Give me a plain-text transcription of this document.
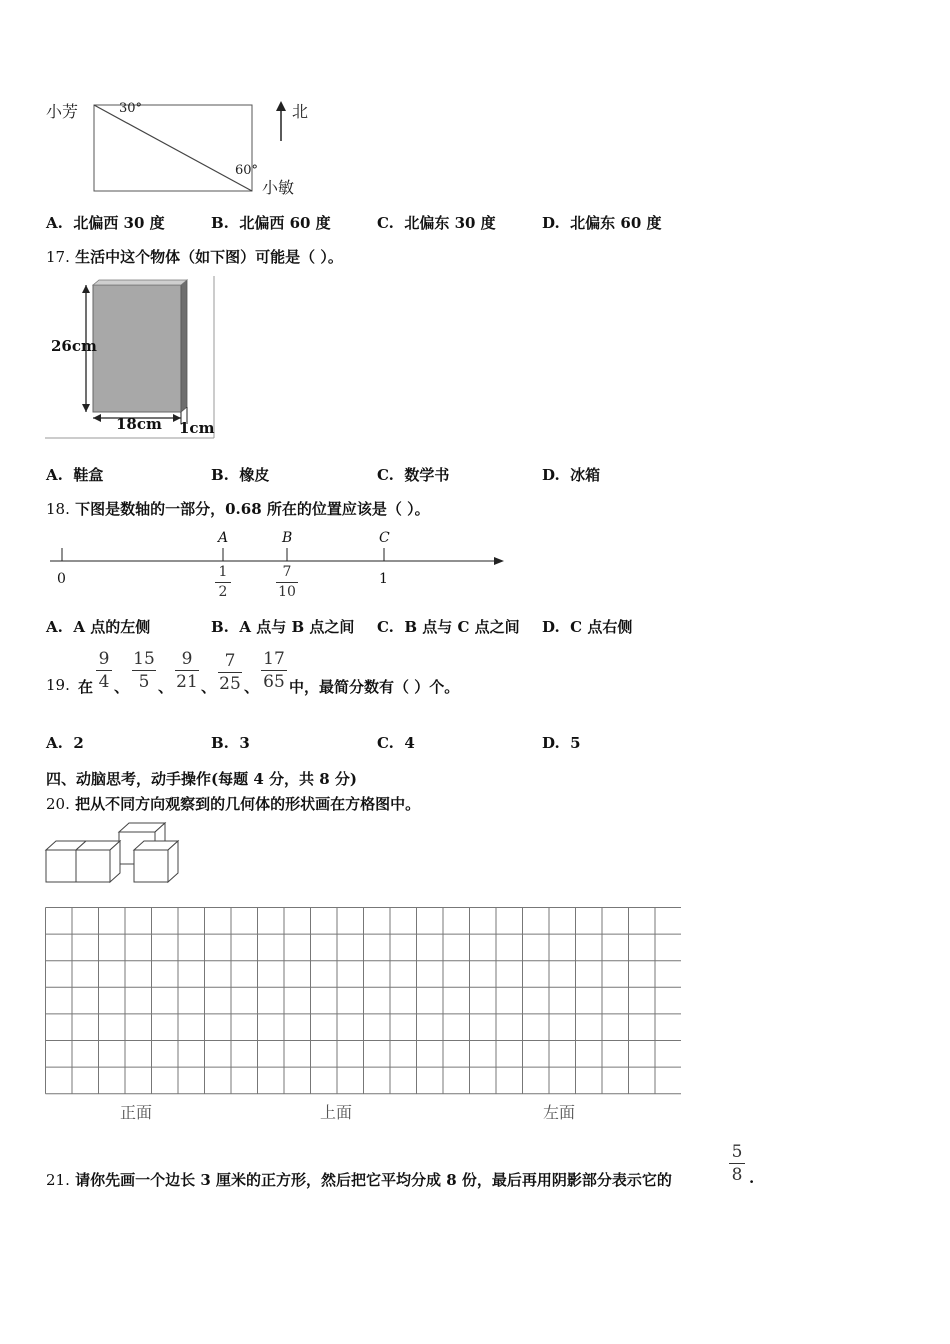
小芳	30°
60°
小敏
北
A. 北偏西 30 度	B. 北偏西 60 度	C. 北偏东 30 度	D. 北偏东 60 度
17. 生活中这个物体（如下图）可能是（ ）。
26cm
18cm 1cm
A. 鞋盒	B. 橡皮	C. 数学书	D. 冰箱
18. 下图是数轴的一部分，0.68 所在的位置应该是（ ）。
A	B	C
0	1
1
2
7
10
A. A 点的左侧	B. A 点与 B 点之间 C. B 点与 C 点之间 D. C 点右侧
19. 在
9
4 、
15
5 、
9
21 、
7
25 、
17
65 中，最简分数有（ ）个。
A. 2	B. 3	C. 4	D. 5
四、动脑思考，动手操作(每题 4 分，共 8 分)
20. 把从不同方向观察到的几何体的形状画在方格图中。
正面	上面	左面
21. 请你先画一个边长 3 厘米的正方形，然后把它平均分成 8 份，最后再用阴影部分表示它的
5
8 .
